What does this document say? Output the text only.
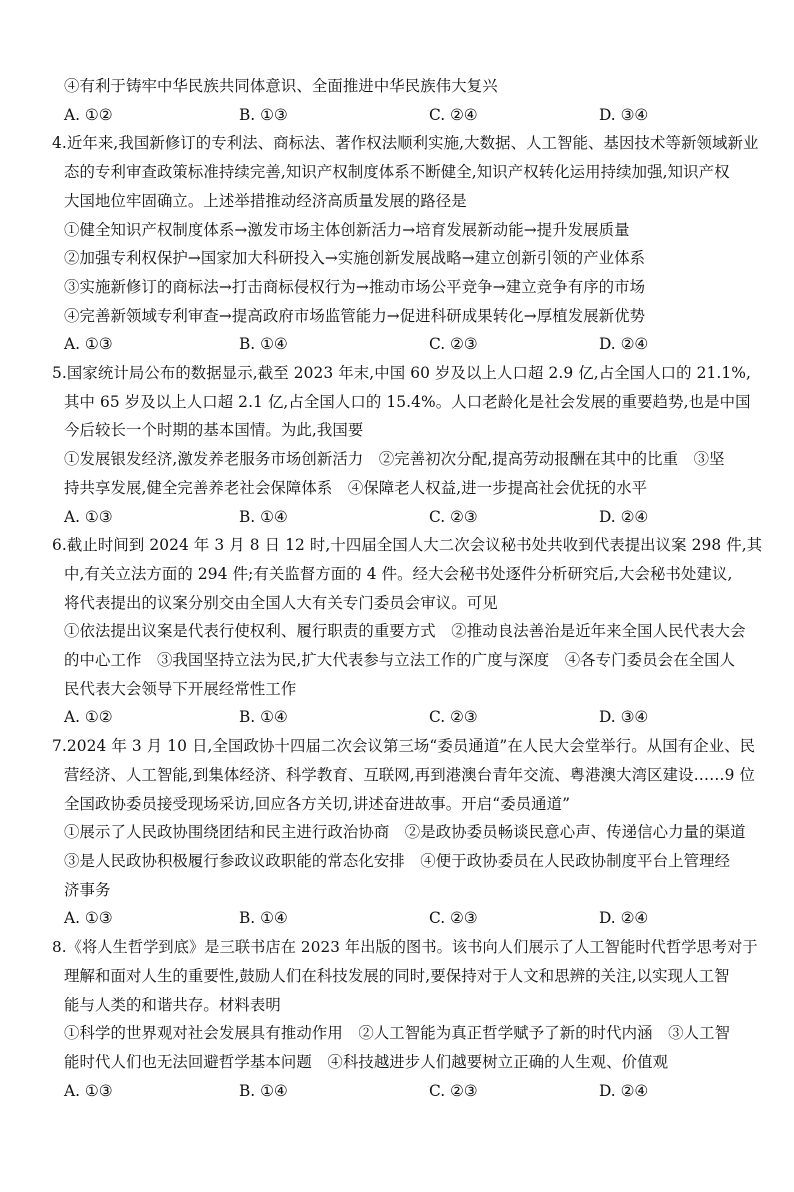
④有利于铸牢中华民族共同体意识、全面推进中华民族伟大复兴
A. ①②	B. ①③	C. ②④	D. ③④
4.近年来,我国新修订的专利法、商标法、著作权法顺利实施,大数据、人工智能、基因技术等新领域新业
态的专利审查政策标准持续完善,知识产权制度体系不断健全,知识产权转化运用持续加强,知识产权
大国地位牢固确立。上述举措推动经济高质量发展的路径是
①健全知识产权制度体系→激发市场主体创新活力→培育发展新动能→提升发展质量
②加强专利权保护→国家加大科研投入→实施创新发展战略→建立创新引领的产业体系
③实施新修订的商标法→打击商标侵权行为→推动市场公平竞争→建立竞争有序的市场
④完善新领域专利审查→提高政府市场监管能力→促进科研成果转化→厚植发展新优势
A. ①③	B. ①④	C. ②③	D. ②④
5.国家统计局公布的数据显示,截至 2023 年末,中国 60 岁及以上人口超 2.9 亿,占全国人口的 21.1%,
其中 65 岁及以上人口超 2.1 亿,占全国人口的 15.4%。人口老龄化是社会发展的重要趋势,也是中国
今后较长一个时期的基本国情。为此,我国要
①发展银发经济,激发养老服务市场创新活力　②完善初次分配,提高劳动报酬在其中的比重　③坚
持共享发展,健全完善养老社会保障体系　④保障老人权益,进一步提高社会优抚的水平
A. ①③	B. ①④	C. ②③	D. ②④
6.截止时间到 2024 年 3 月 8 日 12 时,十四届全国人大二次会议秘书处共收到代表提出议案 298 件,其
中,有关立法方面的 294 件;有关监督方面的 4 件。经大会秘书处逐件分析研究后,大会秘书处建议,
将代表提出的议案分别交由全国人大有关专门委员会审议。可见
①依法提出议案是代表行使权利、履行职责的重要方式　②推动良法善治是近年来全国人民代表大会
的中心工作　③我国坚持立法为民,扩大代表参与立法工作的广度与深度　④各专门委员会在全国人
民代表大会领导下开展经常性工作
A. ①②	B. ①④	C. ②③	D. ③④
7.2024 年 3 月 10 日,全国政协十四届二次会议第三场“委员通道”在人民大会堂举行。从国有企业、民
营经济、人工智能,到集体经济、科学教育、互联网,再到港澳台青年交流、粤港澳大湾区建设……9 位
全国政协委员接受现场采访,回应各方关切,讲述奋进故事。开启“委员通道”
①展示了人民政协围绕团结和民主进行政治协商　②是政协委员畅谈民意心声、传递信心力量的渠道
③是人民政协积极履行参政议政职能的常态化安排　④便于政协委员在人民政协制度平台上管理经
济事务
A. ①③	B. ①④	C. ②③	D. ②④
8.《将人生哲学到底》是三联书店在 2023 年出版的图书。该书向人们展示了人工智能时代哲学思考对于
理解和面对人生的重要性,鼓励人们在科技发展的同时,要保持对于人文和思辨的关注,以实现人工智
能与人类的和谐共存。材料表明
①科学的世界观对社会发展具有推动作用　②人工智能为真正哲学赋予了新的时代内涵　③人工智
能时代人们也无法回避哲学基本问题　④科技越进步人们越要树立正确的人生观、价值观
A. ①③	B. ①④	C. ②③	D. ②④
